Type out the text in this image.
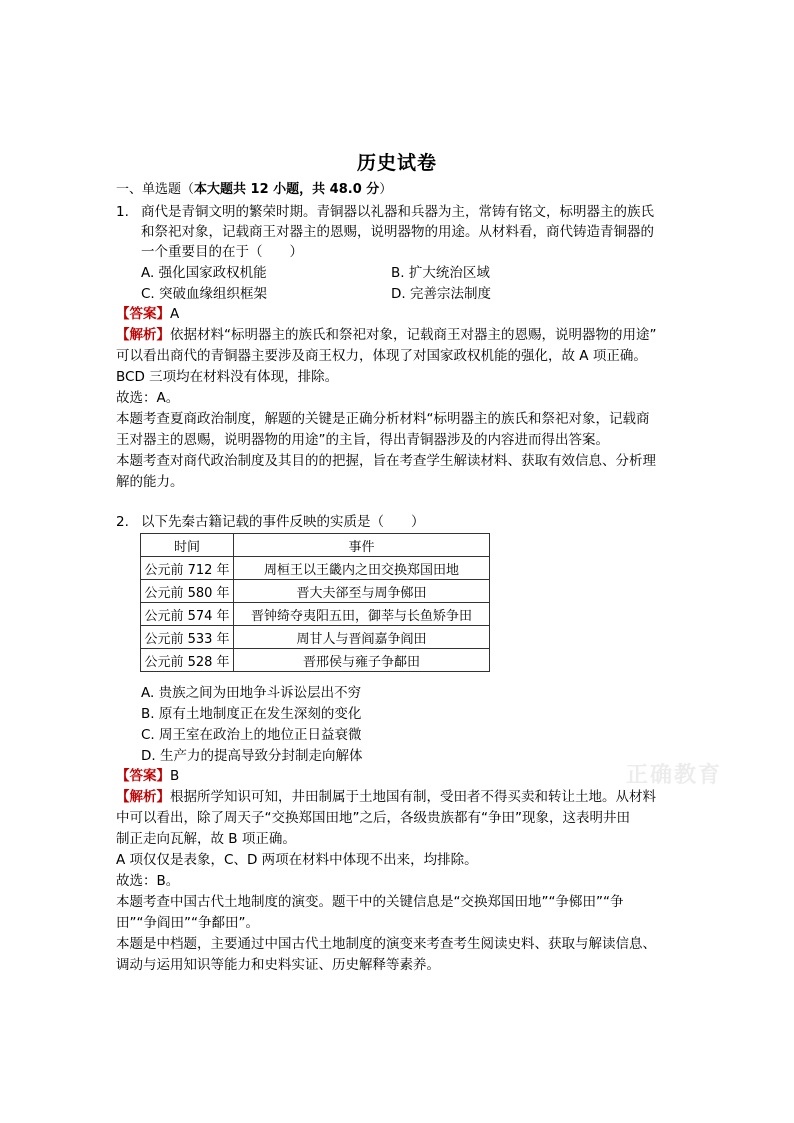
历史试卷
一、单选题（本大题共 12 小题，共 48.0 分）
1. 商代是青铜文明的繁荣时期。青铜器以礼器和兵器为主，常铸有铭文，标明器主的族氏
和祭祀对象，记载商王对器主的恩赐，说明器物的用途。从材料看，商代铸造青铜器的
一个重要目的在于（　　）
A. 强化国家政权机能	B. 扩大统治区域
C. 突破血缘组织框架	D. 完善宗法制度
【答案】A
【解析】依据材料“标明器主的族氏和祭祀对象，记载商王对器主的恩赐，说明器物的用途”
可以看出商代的青铜器主要涉及商王权力，体现了对国家政权机能的强化，故 A 项正确。
BCD 三项均在材料没有体现，排除。
故选：A。
本题考查夏商政治制度，解题的关键是正确分析材料“标明器主的族氏和祭祀对象，记载商
王对器主的恩赐，说明器物的用途”的主旨，得出青铜器涉及的内容进而得出答案。
本题考查对商代政治制度及其目的的把握，旨在考查学生解读材料、获取有效信息、分析理
解的能力。
2. 以下先秦古籍记载的事件反映的实质是（　　）
时间	事件
公元前 712 年	周桓王以王畿内之田交换郑国田地
公元前 580 年	晋大夫郤至与周争鄇田
公元前 574 年	晋钟绮夺夷阳五田，御莘与长鱼矫争田
公元前 533 年	周甘人与晋阎嘉争阎田
公元前 528 年	晋邢侯与雍子争鄐田
A. 贵族之间为田地争斗诉讼层出不穷
B. 原有土地制度正在发生深刻的变化
C. 周王室在政治上的地位正日益衰微
D. 生产力的提高导致分封制走向解体
【答案】B	正确教育
【解析】根据所学知识可知，井田制属于土地国有制，受田者不得买卖和转让土地。从材料
中可以看出，除了周天子“交换郑国田地”之后，各级贵族都有“争田”现象，这表明井田
制正走向瓦解，故 B 项正确。
A 项仅仅是表象，C、D 两项在材料中体现不出来，均排除。
故选：B。
本题考查中国古代土地制度的演变。题干中的关键信息是“交换郑国田地”“争鄇田”“争
田”“争阎田”“争鄐田”。
本题是中档题，主要通过中国古代土地制度的演变来考查考生阅读史料、获取与解读信息、
调动与运用知识等能力和史料实证、历史解释等素养。
